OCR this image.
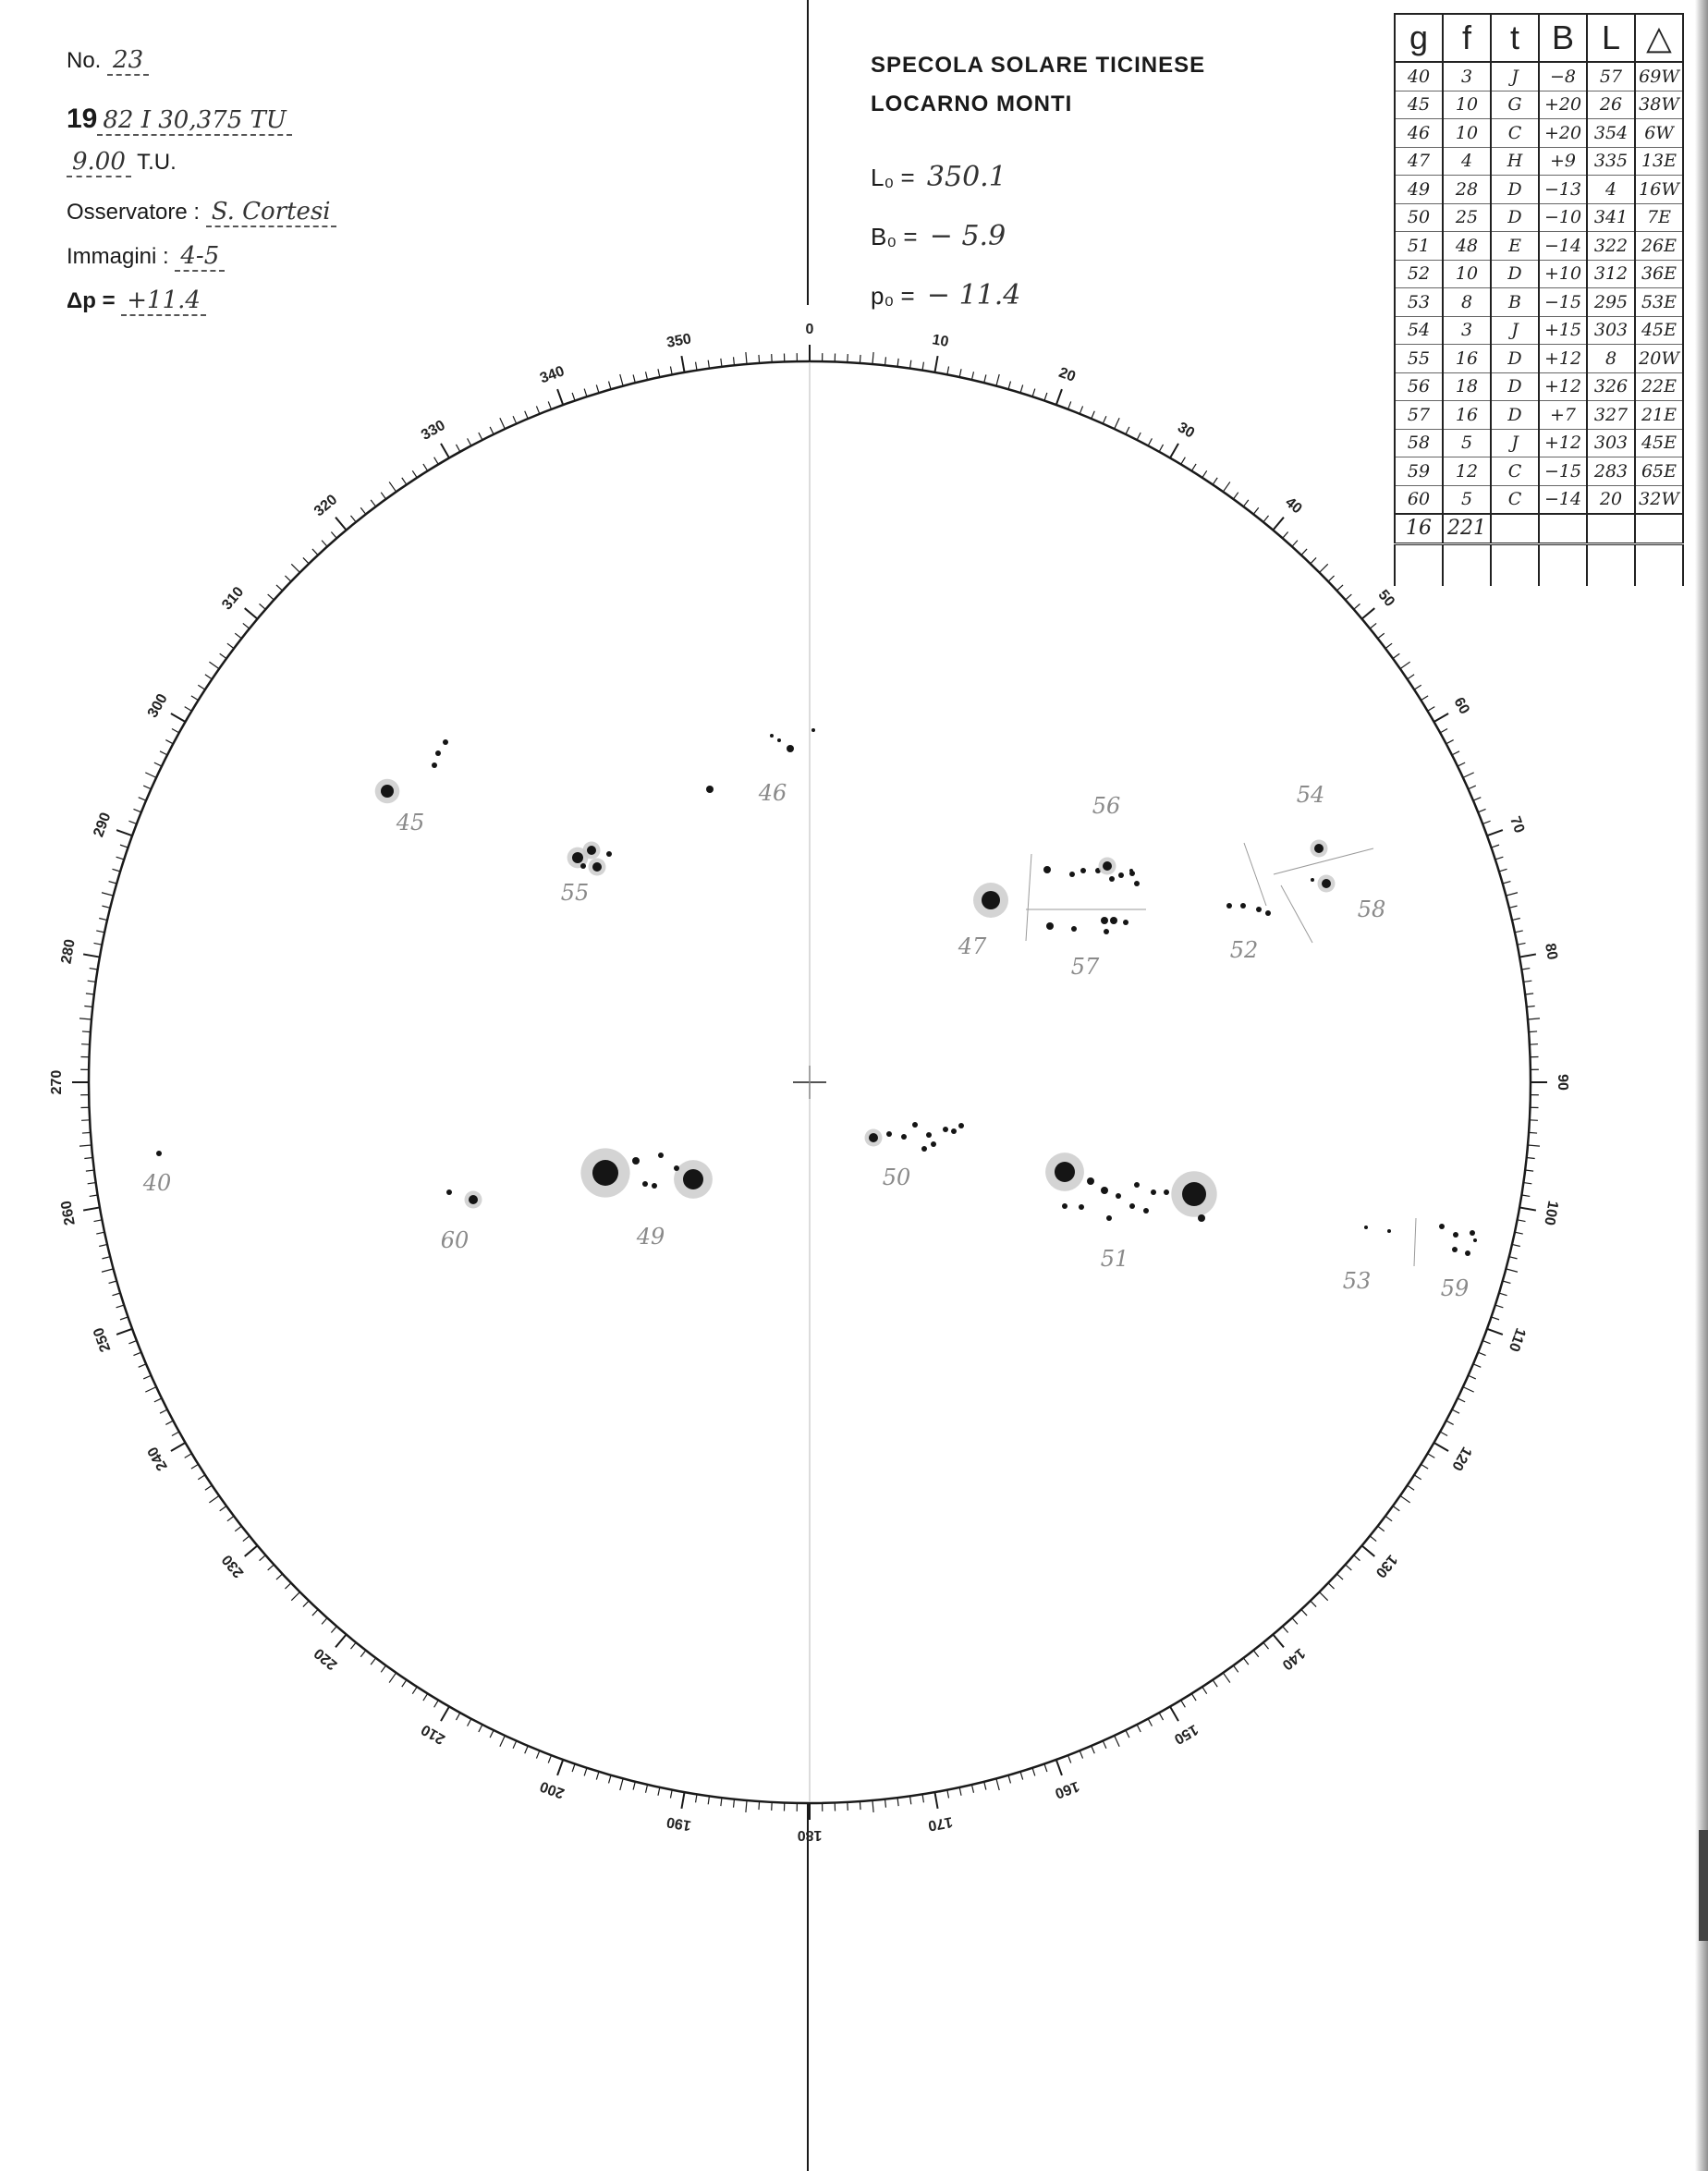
No. 23
19 82 I 30,375 TU
9.00 T.U.
Osservatore : S. Cortesi
Immagini : 4-5
Δp = +11.4
SPECOLA SOLARE TICINESE
LOCARNO MONTI
L₀ = 350.1
B₀ = − 5.9
p₀ = − 11.4
g	f	t	B	L	△
40	3	J	−8	57	69W
45	10	G	+20	26	38W
46	10	C	+20	354	6W
47	4	H	+9	335	13E
49	28	D	−13	4	16W
50	25	D	−10	341	7E
51	48	E	−14	322	26E
52	10	D	+10	312	36E
53	8	B	−15	295	53E
54	3	J	+15	303	45E
55	16	D	+12	8	20W
56	18	D	+12	326	22E
57	16	D	+7	327	21E
58	5	J	+12	303	45E
59	12	C	−15	283	65E
60	5	C	−14	20	32W
16	221				

0
10
20
30
40
50
60
70
80
90
100
110
120
130
140
150
160
170
180
190
200
210
220
230
240
250
260
270
280
290
300
310
320
330
340
350
40
45
46
47
49
50
51
52
53
54
55
56
57
58
59
60
